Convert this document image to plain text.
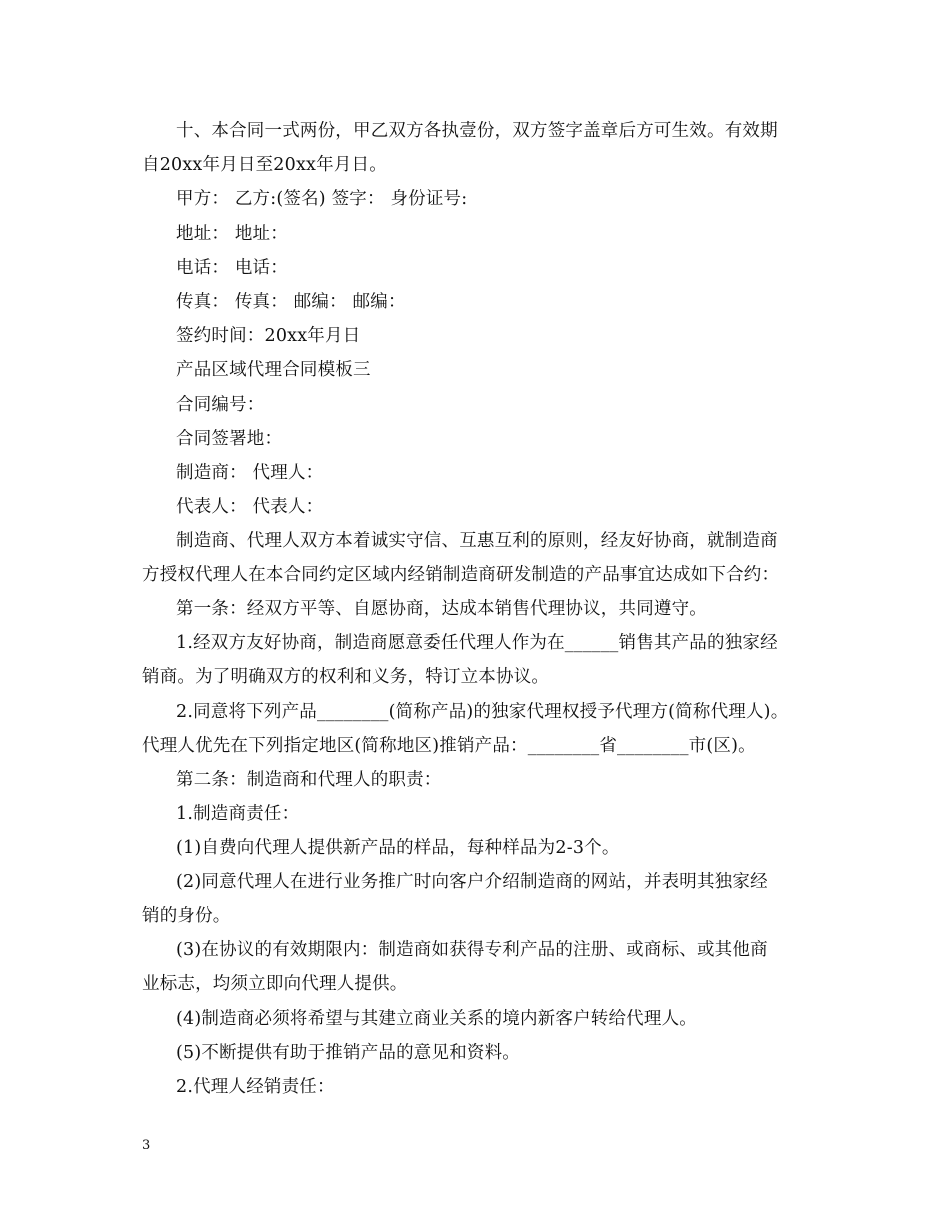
十、本合同一式两份，甲乙双方各执壹份，双方签字盖章后方可生效。有效期
自20xx年月日至20xx年月日。
甲方： 乙方:(签名) 签字： 身份证号:
地址： 地址：
电话： 电话：
传真： 传真： 邮编： 邮编：
签约时间：20xx年月日
产品区域代理合同模板三
合同编号：
合同签署地：
制造商： 代理人：
代表人： 代表人：
制造商、代理人双方本着诚实守信、互惠互利的原则，经友好协商，就制造商
方授权代理人在本合同约定区域内经销制造商研发制造的产品事宜达成如下合约：
第一条：经双方平等、自愿协商，达成本销售代理协议，共同遵守。
1.经双方友好协商，制造商愿意委任代理人作为在______销售其产品的独家经
销商。为了明确双方的权利和义务，特订立本协议。
2.同意将下列产品________(简称产品)的独家代理权授予代理方(简称代理人)。
代理人优先在下列指定地区(简称地区)推销产品：________省________市(区)。
第二条：制造商和代理人的职责：
1.制造商责任：
(1)自费向代理人提供新产品的样品，每种样品为2-3个。
(2)同意代理人在进行业务推广时向客户介绍制造商的网站，并表明其独家经
销的身份。
(3)在协议的有效期限内：制造商如获得专利产品的注册、或商标、或其他商
业标志，均须立即向代理人提供。
(4)制造商必须将希望与其建立商业关系的境内新客户转给代理人。
(5)不断提供有助于推销产品的意见和资料。
2.代理人经销责任：
3
